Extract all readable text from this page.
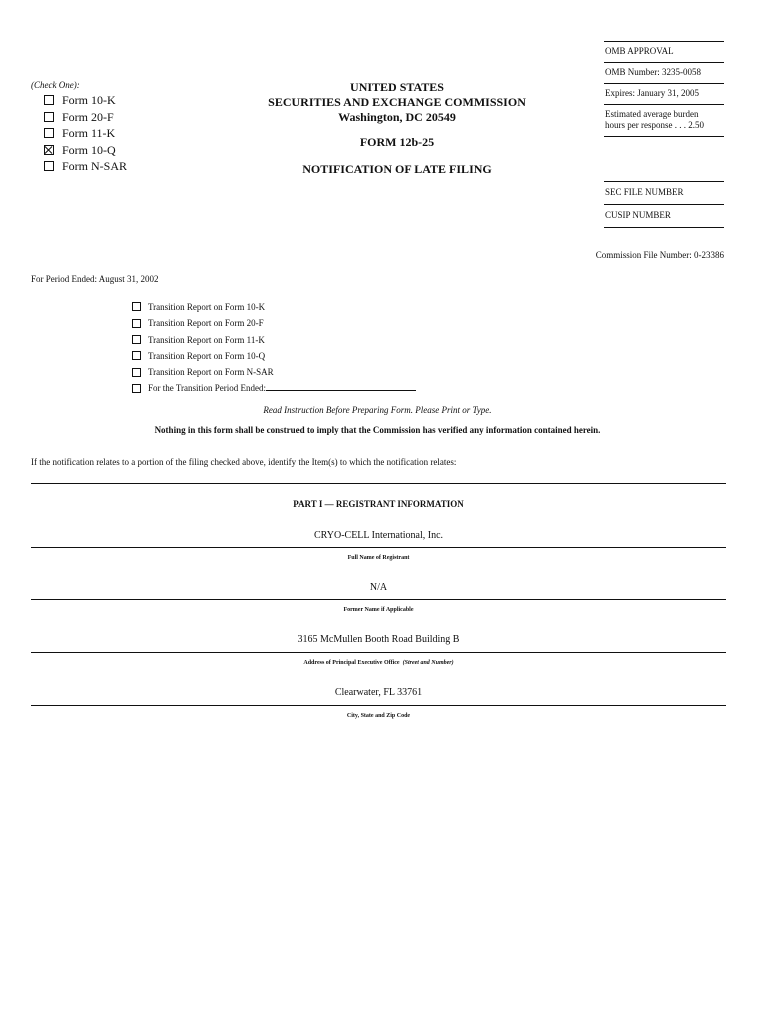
(Check One):
Form 10-K
Form 20-F
Form 11-K
Form 10-Q
Form N-SAR
UNITED STATES
SECURITIES AND EXCHANGE COMMISSION
Washington, DC 20549
FORM 12b-25
NOTIFICATION OF LATE FILING
OMB APPROVAL
OMB Number: 3235-0058
Expires: January 31, 2005
Estimated average burden
hours per response . . . 2.50
SEC FILE NUMBER
CUSIP NUMBER
Commission File Number: 0-23386
For Period Ended: August 31, 2002
Transition Report on Form 10-K
Transition Report on Form 20-F
Transition Report on Form 11-K
Transition Report on Form 10-Q
Transition Report on Form N-SAR
For the Transition Period Ended:
Read Instruction Before Preparing Form. Please Print or Type.
Nothing in this form shall be construed to imply that the Commission has verified any information contained herein.
If the notification relates to a portion of the filing checked above, identify the Item(s) to which the notification relates:
PART I — REGISTRANT INFORMATION
CRYO-CELL International, Inc.
Full Name of Registrant
N/A
Former Name if Applicable
3165 McMullen Booth Road Building B
Address of Principal Executive Office (Street and Number)
Clearwater, FL 33761
City, State and Zip Code
